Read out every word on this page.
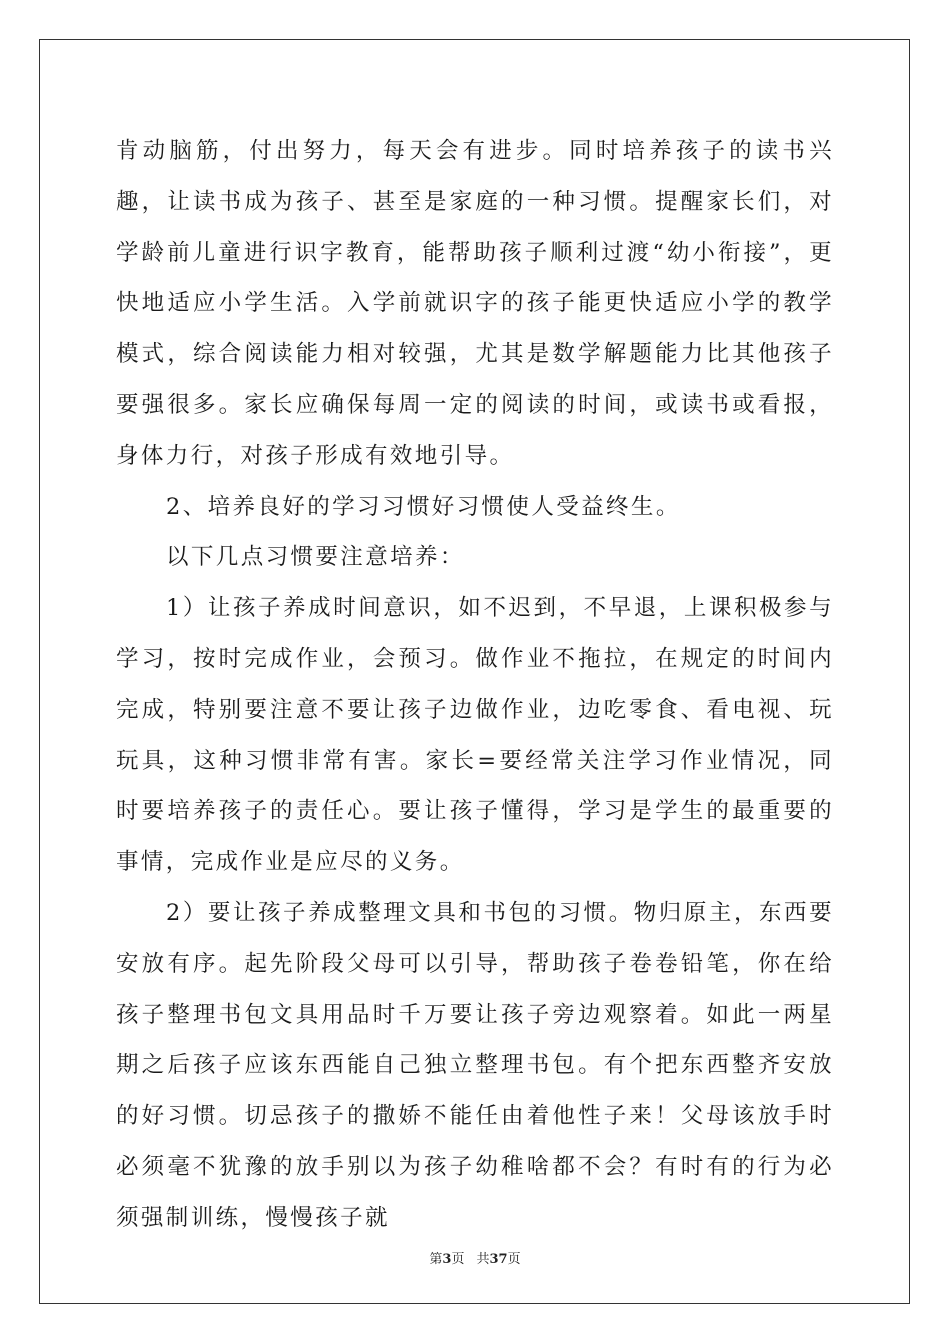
肯动脑筋，付出努力，每天会有进步。同时培养孩子的读书兴趣，让读书成为孩子、甚至是家庭的一种习惯。提醒家长们，对学龄前儿童进行识字教育，能帮助孩子顺利过渡“幼小衔接”，更快地适应小学生活。入学前就识字的孩子能更快适应小学的教学模式，综合阅读能力相对较强，尤其是数学解题能力比其他孩子要强很多。家长应确保每周一定的阅读的时间，或读书或看报，身体力行，对孩子形成有效地引导。

2、培养良好的学习习惯好习惯使人受益终生。

以下几点习惯要注意培养：

1）让孩子养成时间意识，如不迟到，不早退，上课积极参与学习，按时完成作业，会预习。做作业不拖拉，在规定的时间内完成，特别要注意不要让孩子边做作业，边吃零食、看电视、玩玩具，这种习惯非常有害。家长=要经常关注学习作业情况，同时要培养孩子的责任心。要让孩子懂得，学习是学生的最重要的事情，完成作业是应尽的义务。

2）要让孩子养成整理文具和书包的习惯。物归原主，东西要安放有序。起先阶段父母可以引导，帮助孩子卷卷铅笔，你在给孩子整理书包文具用品时千万要让孩子旁边观察着。如此一两星期之后孩子应该东西能自己独立整理书包。有个把东西整齐安放的好习惯。切忌孩子的撒娇不能任由着他性子来！父母该放手时必须毫不犹豫的放手别以为孩子幼稚啥都不会？有时有的行为必须强制训练，慢慢孩子就

第3页 共37页
